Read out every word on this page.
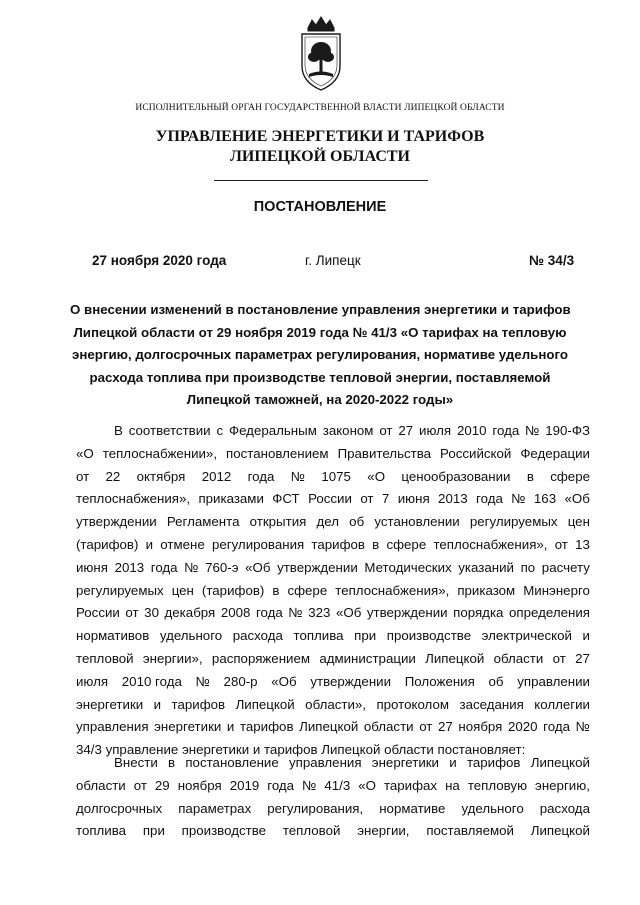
ИСПОЛНИТЕЛЬНЫЙ ОРГАН ГОСУДАРСТВЕННОЙ ВЛАСТИ ЛИПЕЦКОЙ ОБЛАСТИ
УПРАВЛЕНИЕ ЭНЕРГЕТИКИ И ТАРИФОВ
ЛИПЕЦКОЙ ОБЛАСТИ
ПОСТАНОВЛЕНИЕ
27 ноября 2020 года	г. Липецк	№ 34/3
О внесении изменений в постановление управления энергетики и тарифов
Липецкой области от 29 ноября 2019 года № 41/3 «О тарифах на тепловую
энергию, долгосрочных параметрах регулирования, нормативе удельного
расхода топлива при производстве тепловой энергии, поставляемой
Липецкой таможней, на 2020-2022 годы»
В соответствии с Федеральным законом от 27 июля 2010 года № 190-ФЗ
«О теплоснабжении», постановлением Правительства Российской Федерации
от 22 октября 2012 года № 1075 «О ценообразовании в сфере
теплоснабжения», приказами ФСТ России от 7 июня 2013 года № 163 «Об
утверждении Регламента открытия дел об установлении регулируемых цен
(тарифов) и отмене регулирования тарифов в сфере теплоснабжения», от 13
июня 2013 года № 760-э «Об утверждении Методических указаний по расчету
регулируемых цен (тарифов) в сфере теплоснабжения», приказом Минэнерго
России от 30 декабря 2008 года № 323 «Об утверждении порядка определения
нормативов удельного расхода топлива при производстве электрической и
тепловой энергии», распоряжением администрации Липецкой области от 27
июля 2010 года № 280-р «Об утверждении Положения об управлении
энергетики и тарифов Липецкой области», протоколом заседания коллегии
управления энергетики и тарифов Липецкой области от 27 ноября 2020 года №
34/3 управление энергетики и тарифов Липецкой области постановляет:
Внести в постановление управления энергетики и тарифов Липецкой
области от 29 ноября 2019 года № 41/3 «О тарифах на тепловую энергию,
долгосрочных параметрах регулирования, нормативе удельного расхода
топлива при производстве тепловой энергии, поставляемой Липецкой
